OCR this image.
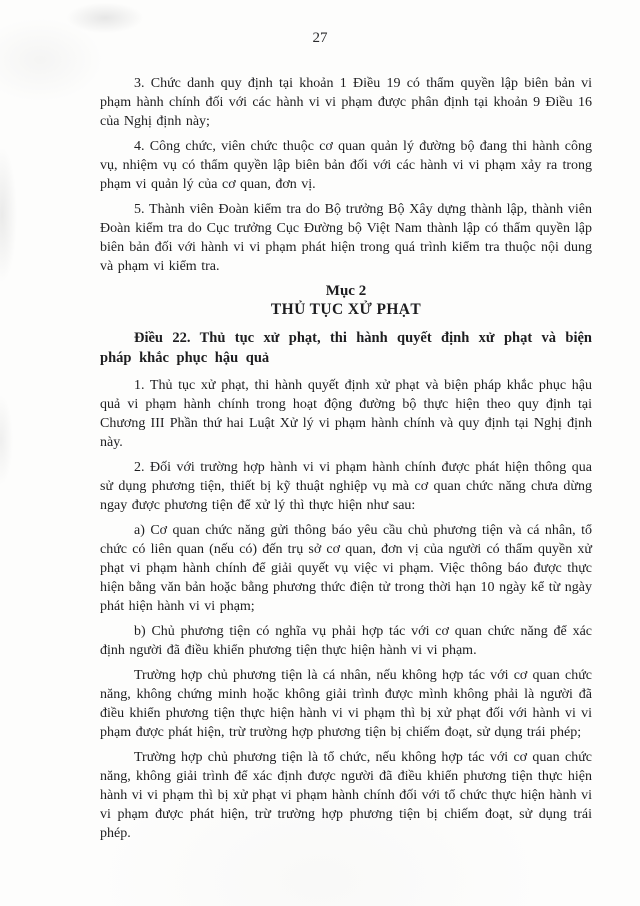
27

3. Chức danh quy định tại khoản 1 Điều 19 có thẩm quyền lập biên bản vi phạm hành chính đối với các hành vi vi phạm được phân định tại khoản 9 Điều 16 của Nghị định này;

4. Công chức, viên chức thuộc cơ quan quản lý đường bộ đang thi hành công vụ, nhiệm vụ có thẩm quyền lập biên bản đối với các hành vi vi phạm xảy ra trong phạm vi quản lý của cơ quan, đơn vị.

5. Thành viên Đoàn kiểm tra do Bộ trưởng Bộ Xây dựng thành lập, thành viên Đoàn kiểm tra do Cục trưởng Cục Đường bộ Việt Nam thành lập có thẩm quyền lập biên bản đối với hành vi vi phạm phát hiện trong quá trình kiểm tra thuộc nội dung và phạm vi kiểm tra.

Mục 2

THỦ TỤC XỬ PHẠT

Điều 22. Thủ tục xử phạt, thi hành quyết định xử phạt và biện pháp khắc phục hậu quả

1. Thủ tục xử phạt, thi hành quyết định xử phạt và biện pháp khắc phục hậu quả vi phạm hành chính trong hoạt động đường bộ thực hiện theo quy định tại Chương III Phần thứ hai Luật Xử lý vi phạm hành chính và quy định tại Nghị định này.

2. Đối với trường hợp hành vi vi phạm hành chính được phát hiện thông qua sử dụng phương tiện, thiết bị kỹ thuật nghiệp vụ mà cơ quan chức năng chưa dừng ngay được phương tiện để xử lý thì thực hiện như sau:

a) Cơ quan chức năng gửi thông báo yêu cầu chủ phương tiện và cá nhân, tổ chức có liên quan (nếu có) đến trụ sở cơ quan, đơn vị của người có thẩm quyền xử phạt vi phạm hành chính để giải quyết vụ việc vi phạm. Việc thông báo được thực hiện bằng văn bản hoặc bằng phương thức điện tử trong thời hạn 10 ngày kể từ ngày phát hiện hành vi vi phạm;

b) Chủ phương tiện có nghĩa vụ phải hợp tác với cơ quan chức năng để xác định người đã điều khiển phương tiện thực hiện hành vi vi phạm.

Trường hợp chủ phương tiện là cá nhân, nếu không hợp tác với cơ quan chức năng, không chứng minh hoặc không giải trình được mình không phải là người đã điều khiển phương tiện thực hiện hành vi vi phạm thì bị xử phạt đối với hành vi vi phạm được phát hiện, trừ trường hợp phương tiện bị chiếm đoạt, sử dụng trái phép;

Trường hợp chủ phương tiện là tổ chức, nếu không hợp tác với cơ quan chức năng, không giải trình để xác định được người đã điều khiển phương tiện thực hiện hành vi vi phạm thì bị xử phạt vi phạm hành chính đối với tổ chức thực hiện hành vi vi phạm được phát hiện, trừ trường hợp phương tiện bị chiếm đoạt, sử dụng trái phép.
